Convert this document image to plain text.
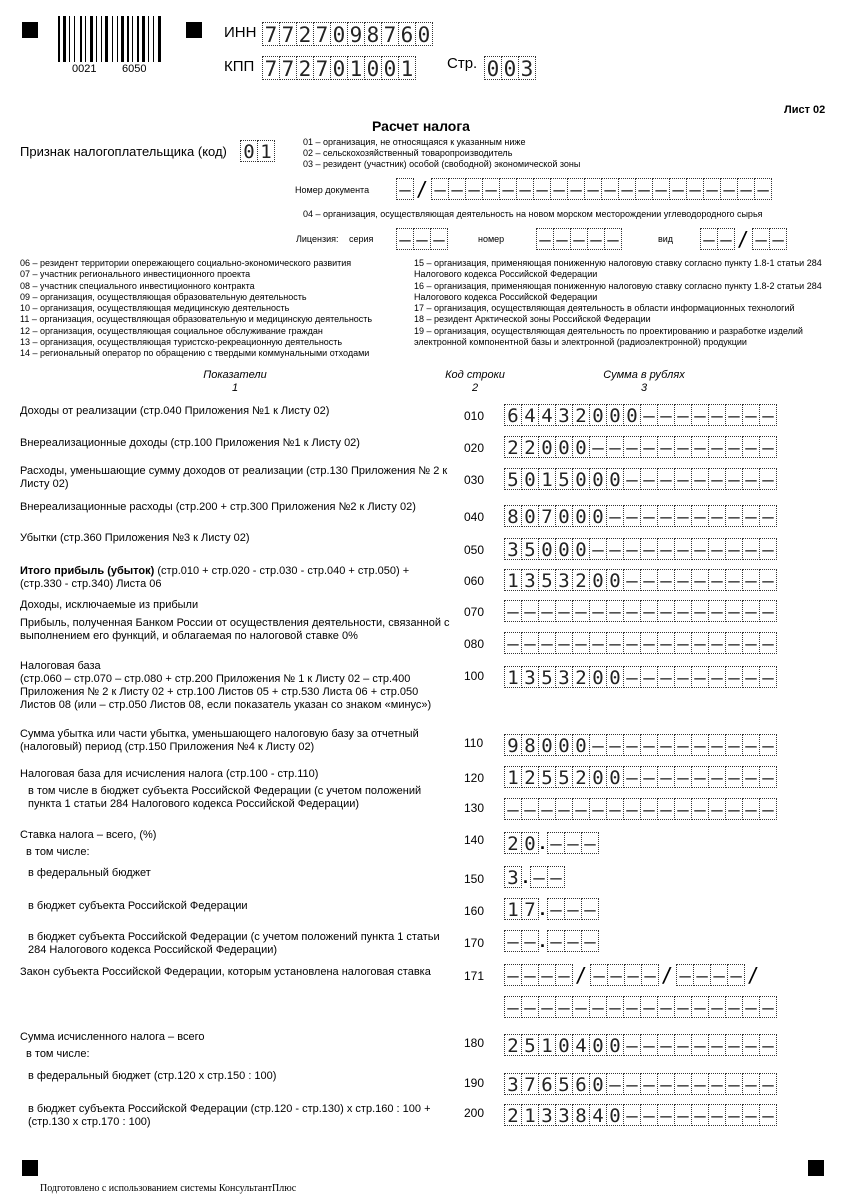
0021 6050
ИНН 7 7 2 7 0 9 8 7 6 0
КПП 7 7 2 7 0 1 0 0 1 Стр. 0 0 3
Лист 02
Расчет налога
Признак налогоплательщика (код) 0 1	01 – организация, не относящаяся к указанным ниже
02 – сельскохозяйственный товаропроизводитель
03 – резидент (участник) особой (свободной) экономической зоны
Номер документа – / – – – – – – – – – – – – – – – – – – – –
04 – организация, осуществляющая деятельность на новом морском месторождении углеводородного сырья
Лицензия: серия – – –	номер – – – – –	вид – – / – –
06 – резидент территории опережающего социально-экономического развития
07 – участник регионального инвестиционного проекта
08 – участник специального инвестиционного контракта
09 – организация, осуществляющая образовательную деятельность
10 – организация, осуществляющая медицинскую деятельность
11 – организация, осуществляющая образовательную и медицинскую деятельность
12 – организация, осуществляющая социальное обслуживание граждан
13 – организация, осуществляющая туристско-рекреационную деятельность
14 – региональный оператор по обращению с твердыми коммунальными отходами
15 – организация, применяющая пониженную налоговую ставку согласно пункту 1.8-1 статьи 284 Налогового кодекса Российской Федерации
16 – организация, применяющая пониженную налоговую ставку согласно пункту 1.8-2 статьи 284 Налогового кодекса Российской Федерации
17 – организация, осуществляющая деятельность в области информационных технологий
18 – резидент Арктической зоны Российской Федерации
19 – организация, осуществляющая деятельность по проектированию и разработке изделий электронной компонентной базы и электронной (радиоэлектронной) продукции
Показатели
1
Код строки
2
Сумма в рублях
3
Доходы от реализации (стр.040 Приложения №1 к Листу 02)	010 6 4 4 3 2 0 0 0 – – – – – – – –
Внереализационные доходы (стр.100 Приложения №1 к Листу 02)	020 2 2 0 0 0 – – – – – – – – – – –
Расходы, уменьшающие сумму доходов от реализации (стр.130 Приложения № 2 к Листу 02)	030 5 0 1 5 0 0 0 – – – – – – – – –
Внереализационные расходы (стр.200 + стр.300 Приложения №2 к Листу 02)
040 8 0 7 0 0 0 – – – – – – – – – –
Убытки (стр.360 Приложения №3 к Листу 02)
050 3 5 0 0 0 – – – – – – – – – – –
Итого прибыль (убыток) (стр.010 + стр.020 - стр.030 - стр.040 + стр.050) + (стр.330 - стр.340) Листа 06	060 1 3 5 3 2 0 0 – – – – – – – – –
Доходы, исключаемые из прибыли	070 – – – – – – – – – – – – – – – –
Прибыль, полученная Банком России от осуществления деятельности, связанной с выполнением его функций, и облагаемая по налоговой ставке 0%
080 – – – – – – – – – – – – – – – –
Налоговая база
(стр.060 – стр.070 – стр.080 + стр.200 Приложения № 1 к Листу 02 – стр.400 Приложения № 2 к Листу 02 + стр.100 Листов 05 + стр.530 Листа 06 + стр.050 Листов 08 (или – стр.050 Листов 08, если показатель указан со знаком «минус»)
100 1 3 5 3 2 0 0 – – – – – – – – –
Сумма убытка или части убытка, уменьшающего налоговую базу за отчетный (налоговый) период (стр.150 Приложения №4 к Листу 02)	110 9 8 0 0 0 – – – – – – – – – – –
Налоговая база для исчисления налога (стр.100 - стр.110)	120 1 2 5 5 2 0 0 – – – – – – – – –
в том числе в бюджет субъекта Российской Федерации (с учетом положений пункта 1 статьи 284 Налогового кодекса Российской Федерации)	130 – – – – – – – – – – – – – – – –
Ставка налога – всего, (%)
в том числе:
140 2 0 . – – –
в федеральный бюджет	150 3 . – –
в бюджет субъекта Российской Федерации	160 1 7 . – – –
в бюджет субъекта Российской Федерации (с учетом положений пункта 1 статьи 284 Налогового кодекса Российской Федерации)	170 – – . – – –
Закон субъекта Российской Федерации, которым установлена налоговая ставка	171 – – – – / – – – – / – – – – /
– – – – – – – – – – – – – – – –
Сумма исчисленного налога – всего
в том числе:
180 2 5 1 0 4 0 0 – – – – – – – – –
в федеральный бюджет (стр.120 х стр.150 : 100)	190 3 7 6 5 6 0 – – – – – – – – – –
в бюджет субъекта Российской Федерации (стр.120 - стр.130) х стр.160 : 100 + (стр.130 х стр.170 : 100)
200 2 1 3 3 8 4 0 – – – – – – – – –
Подготовлено с использованием системы КонсультантПлюс
